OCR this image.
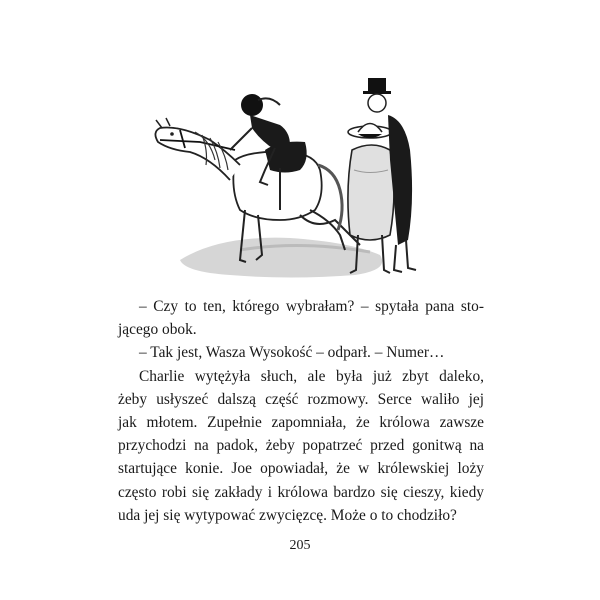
– Czy to ten, którego wybrałam? – spytała pana sto-
jącego obok.

– Tak jest, Wasza Wysokość – odparł. – Numer…

Charlie wytężyła słuch, ale była już zbyt daleko,
żeby usłyszeć dalszą część rozmowy. Serce waliło jej
jak młotem. Zupełnie zapomniała, że królowa zawsze
przychodzi na padok, żeby popatrzeć przed gonitwą na
startujące konie. Joe opowiadał, że w królewskiej loży
często robi się zakłady i królowa bardzo się cieszy, kiedy
uda jej się wytypować zwycięzcę. Może o to chodziło?

205
